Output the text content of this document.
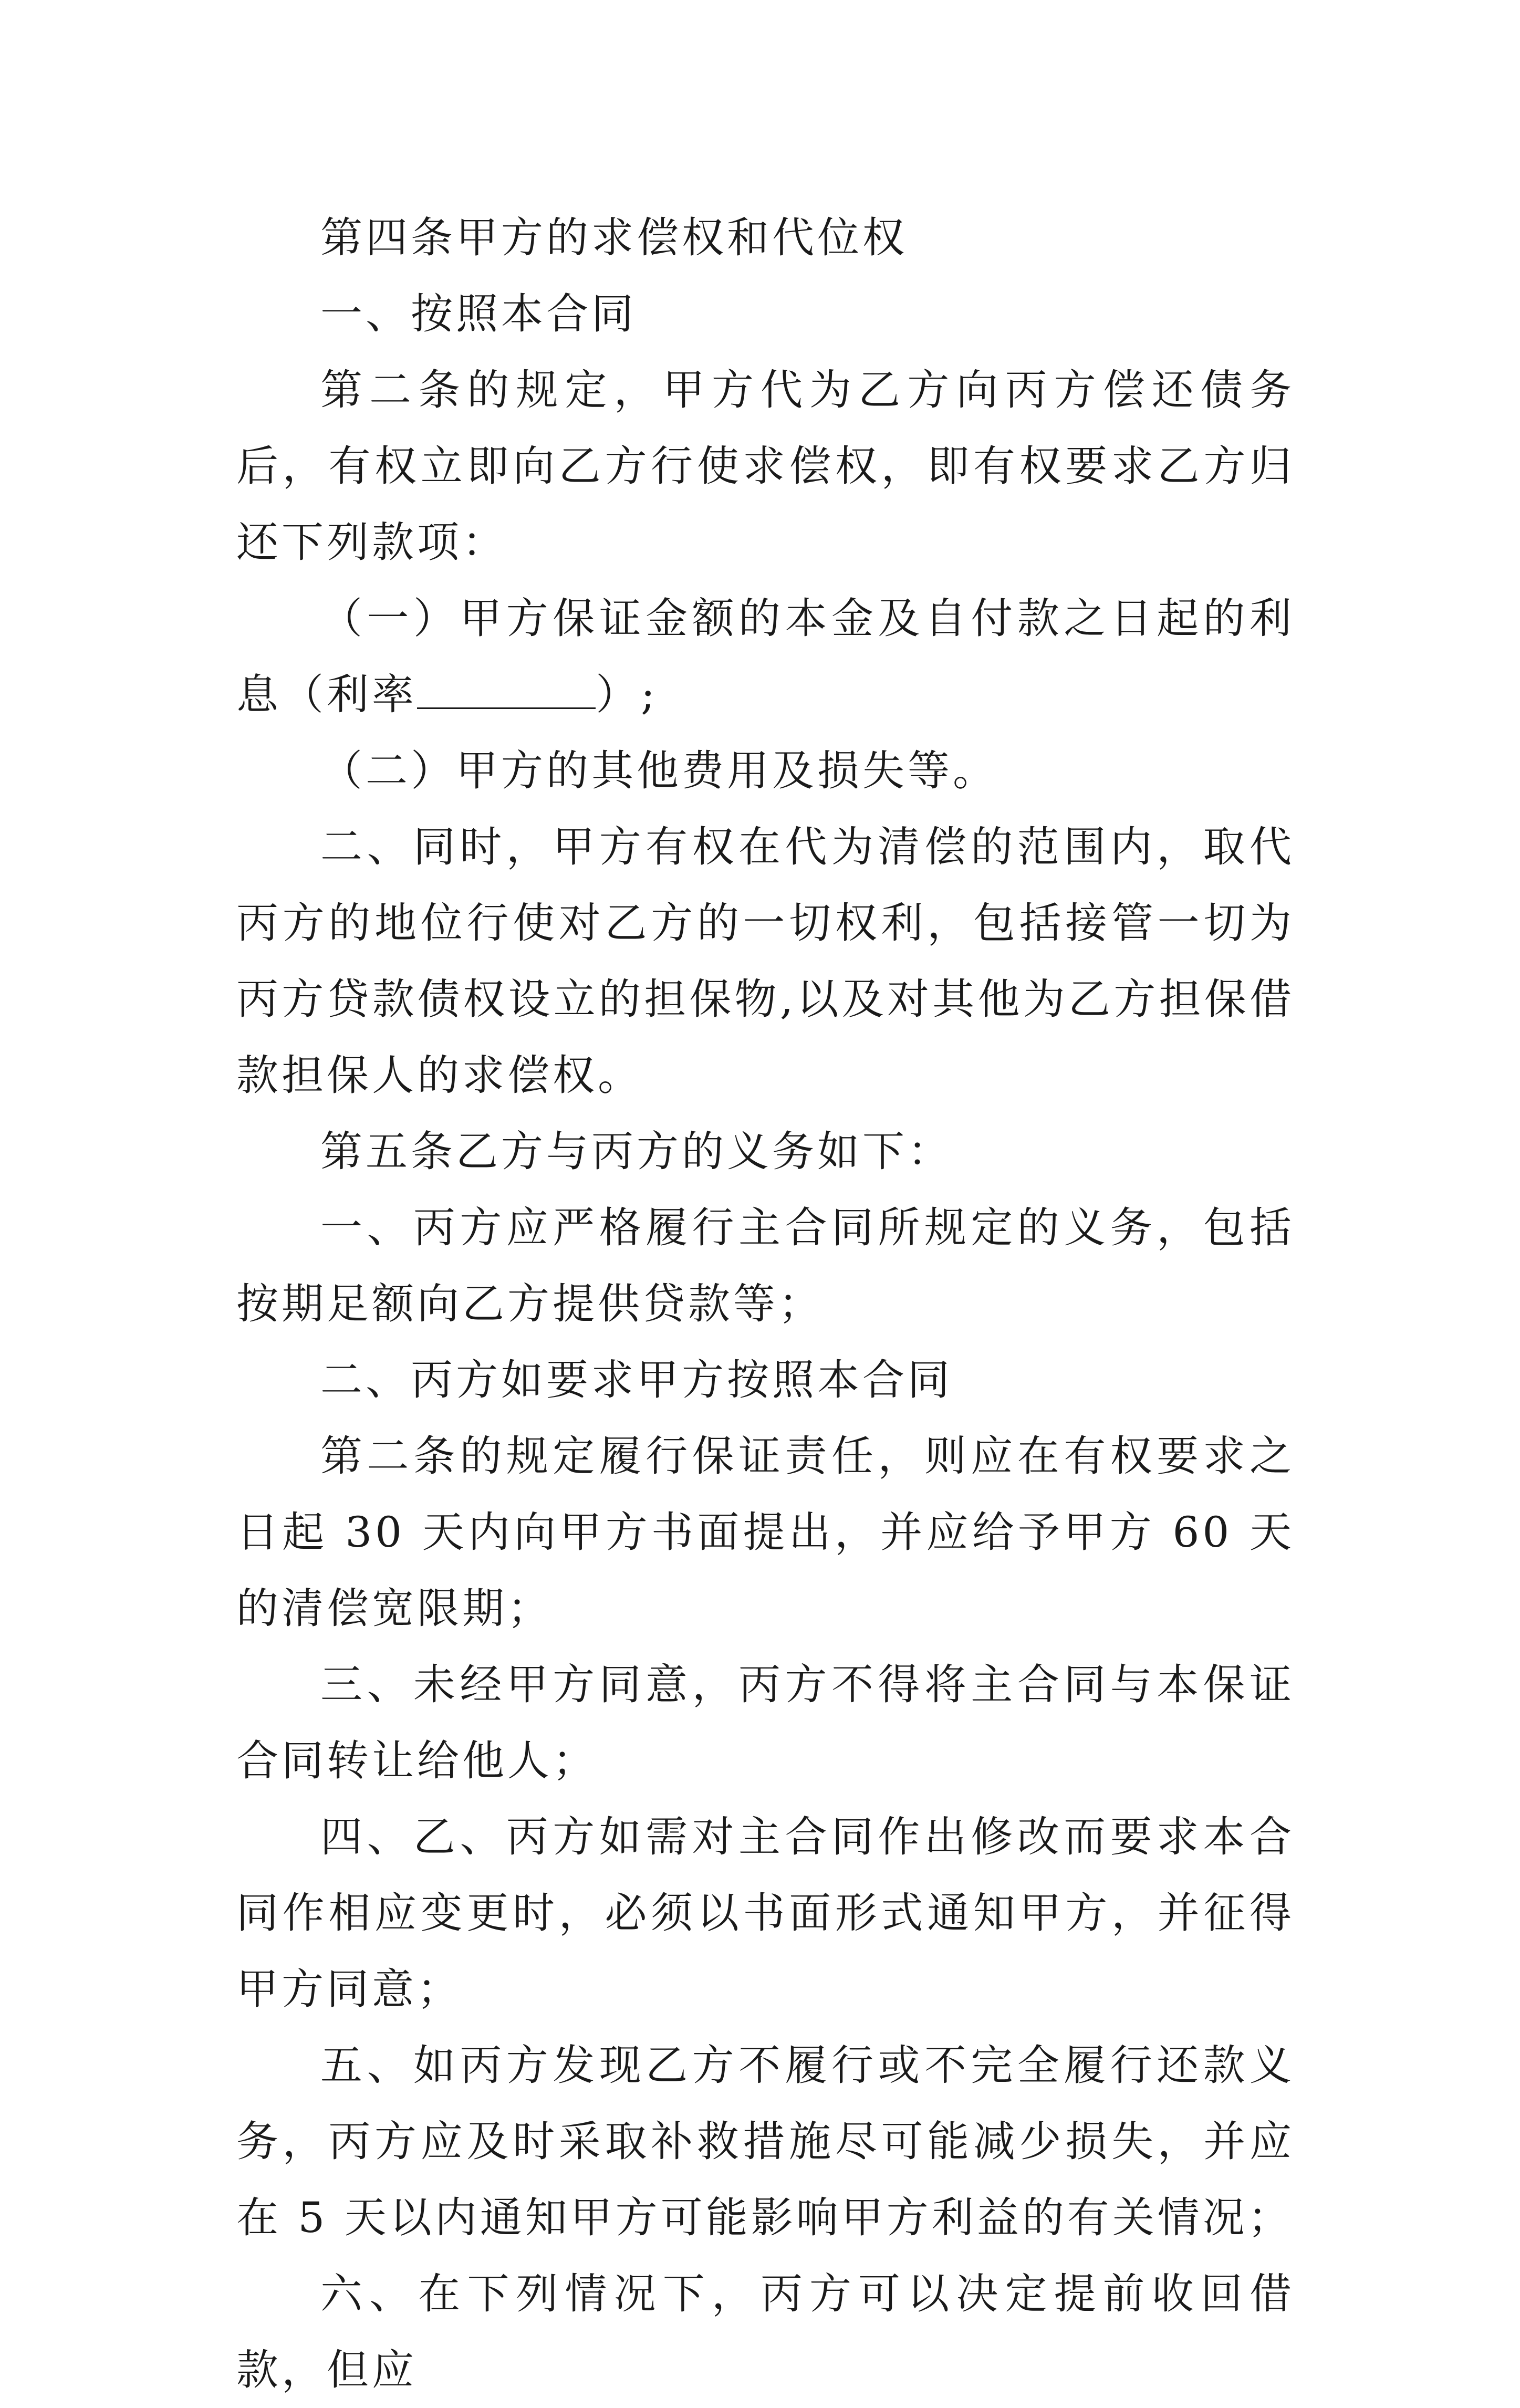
第四条甲方的求偿权和代位权

一、按照本合同

第二条的规定，甲方代为乙方向丙方偿还债务后，有权立即向乙方行使求偿权，即有权要求乙方归还下列款项：

（一）甲方保证金额的本金及自付款之日起的利息（利率	）;

（二）甲方的其他费用及损失等。

二、同时，甲方有权在代为清偿的范围内，取代丙方的地位行使对乙方的一切权利，包括接管一切为丙方贷款债权设立的担保物,以及对其他为乙方担保借款担保人的求偿权。

第五条乙方与丙方的义务如下：

一、丙方应严格履行主合同所规定的义务，包括按期足额向乙方提供贷款等；

二、丙方如要求甲方按照本合同

第二条的规定履行保证责任，则应在有权要求之日起 30 天内向甲方书面提出，并应给予甲方 60 天的清偿宽限期；

三、未经甲方同意，丙方不得将主合同与本保证合同转让给他人；

四、乙、丙方如需对主合同作出修改而要求本合同作相应变更时，必须以书面形式通知甲方，并征得甲方同意；

五、如丙方发现乙方不履行或不完全履行还款义务，丙方应及时采取补救措施尽可能减少损失，并应在 5 天以内通知甲方可能影响甲方利益的有关情况；

六、在下列情况下，丙方可以决定提前收回借款，但应
